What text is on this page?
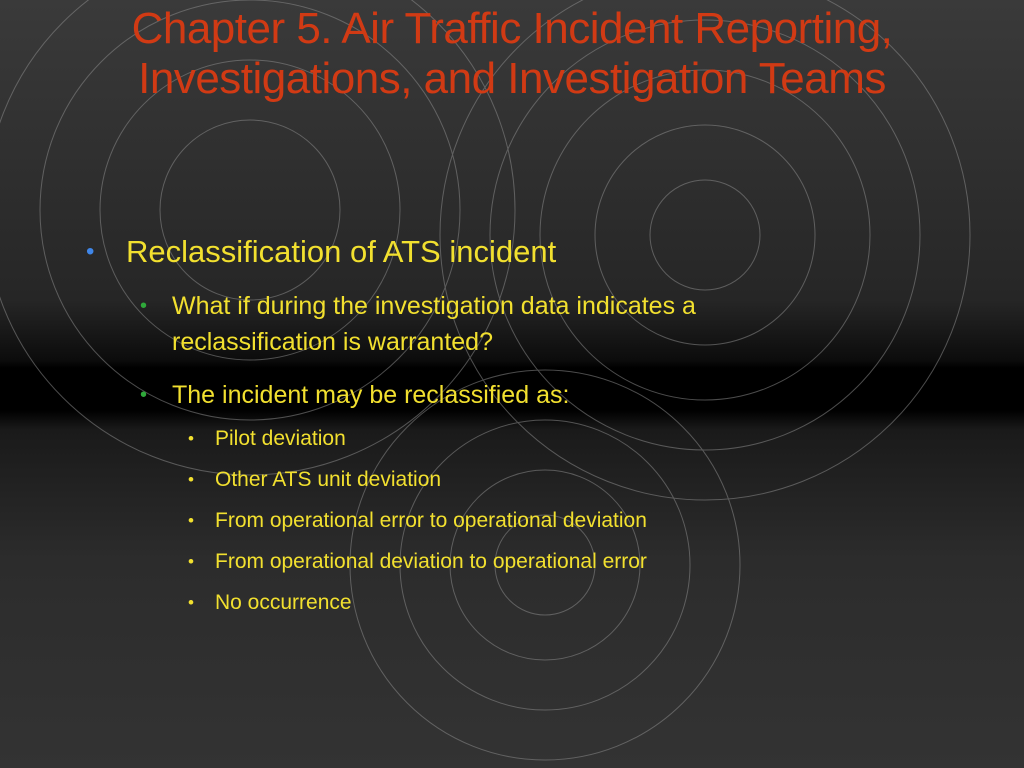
Chapter 5. Air Traffic Incident Reporting,
Investigations, and Investigation Teams
• Reclassification of ATS incident
• What if during the investigation data indicates a reclassification is warranted?
• The incident may be reclassified as:
• Pilot deviation
• Other ATS unit deviation
• From operational error to operational deviation
• From operational deviation to operational error
• No occurrence
